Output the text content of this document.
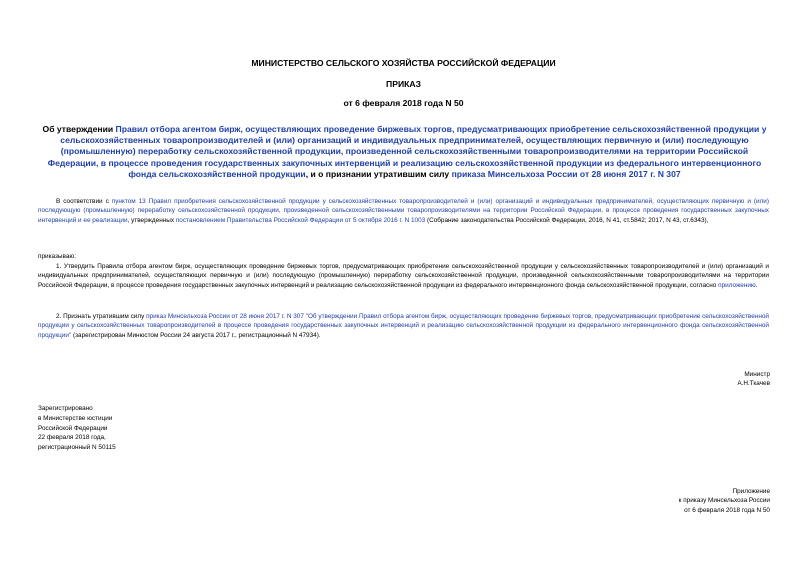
МИНИСТЕРСТВО СЕЛЬСКОГО ХОЗЯЙСТВА РОССИЙСКОЙ ФЕДЕРАЦИИ
ПРИКАЗ
от 6 февраля 2018 года N 50
Об утверждении Правил отбора агентом бирж, осуществляющих проведение биржевых торгов, предусматривающих приобретение сельскохозяйственной продукции у сельскохозяйственных товаропроизводителей и (или) организаций и индивидуальных предпринимателей, осуществляющих первичную и (или) последующую (промышленную) переработку сельскохозяйственной продукции, произведенной сельскохозяйственными товаропроизводителями на территории Российской Федерации, в процессе проведения государственных закупочных интервенций и реализацию сельскохозяйственной продукции из федерального интервенционного фонда сельскохозяйственной продукции, и о признании утратившим силу приказа Минсельхоза России от 28 июня 2017 г. N 307
В соответствии с пунктом 13 Правил приобретения сельскохозяйственной продукции у сельскохозяйственных товаропроизводителей и (или) организаций и индивидуальных предпринимателей, осуществляющих первичную и (или) последующую (промышленную) переработку сельскохозяйственной продукции, произведенной сельскохозяйственными товаропроизводителями на территории Российской Федерации, в процессе проведения государственных закупочных интервенций и ее реализации, утвержденных постановлением Правительства Российской Федерации от 5 октября 2016 г. N 1003 (Собрание законодательства Российской Федерации, 2016, N 41, ст.5842; 2017, N 43, ст.6343),
приказываю:
1. Утвердить Правила отбора агентом бирж, осуществляющих проведение биржевых торгов, предусматривающих приобретение сельскохозяйственной продукции у сельскохозяйственных товаропроизводителей и (или) организаций и индивидуальных предпринимателей, осуществляющих первичную и (или) последующую (промышленную) переработку сельскохозяйственной продукции, произведенной сельскохозяйственными товаропроизводителями на территории Российской Федерации, в процессе проведения государственных закупочных интервенций и реализацию сельскохозяйственной продукции из федерального интервенционного фонда сельскохозяйственной продукции, согласно приложению.
2. Признать утратившим силу приказ Минсельхоза России от 28 июня 2017 г. N 307 "Об утверждении Правил отбора агентом бирж, осуществляющих проведение биржевых торгов, предусматривающих приобретение сельскохозяйственной продукции у сельскохозяйственных товаропроизводителей в процессе проведения государственных закупочных интервенций и реализацию сельскохозяйственной продукции из федерального интервенционного фонда сельскохозяйственной продукции" (зарегистрирован Минюстом России 24 августа 2017 г., регистрационный N 47934).
Министр
А.Н.Ткачев
Зарегистрировано
в Министерстве юстиции
Российской Федерации
22 февраля 2018 года,
регистрационный N 50115
Приложение
к приказу Минсельхоза России
от 6 февраля 2018 года N 50
